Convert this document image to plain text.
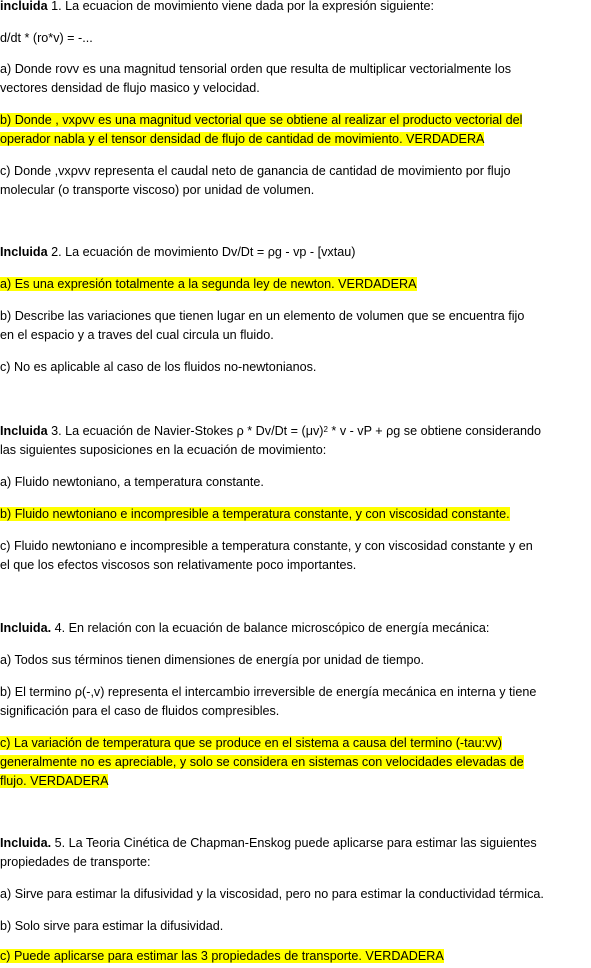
incluida 1. La ecuacion de movimiento viene dada por la expresión siguiente:
d/dt * (ro*v) = -...
a) Donde rovv es una magnitud tensorial orden que resulta de multiplicar vectorialmente los
vectores densidad de flujo masico y velocidad.
b) Donde , vxρvv es una magnitud vectorial que se obtiene al realizar el producto vectorial del
operador nabla y el tensor densidad de flujo de cantidad de movimiento. VERDADERA
c) Donde ,vxρvv representa el caudal neto de ganancia de cantidad de movimiento por flujo
molecular (o transporte viscoso) por unidad de volumen.
Incluida 2. La ecuación de movimiento Dv/Dt = ρg - vp - [vxtau)
a) Es una expresión totalmente a la segunda ley de newton. VERDADERA
b) Describe las variaciones que tienen lugar en un elemento de volumen que se encuentra fijo
en el espacio y a traves del cual circula un fluido.
c) No es aplicable al caso de los fluidos no-newtonianos.
Incluida 3. La ecuación de Navier-Stokes $\rho * Dv/Dt = (\mu v)^2 * v$ - vP + ρg se obtiene considerando
las siguientes suposiciones en la ecuación de movimiento:
a) Fluido newtoniano, a temperatura constante.
b) Fluido newtoniano e incompresible a temperatura constante, y con viscosidad constante.
c) Fluido newtoniano e incompresible a temperatura constante, y con viscosidad constante y en
el que los efectos viscosos son relativamente poco importantes.
Incluida. 4. En relación con la ecuación de balance microscópico de energía mecánica:
a) Todos sus términos tienen dimensiones de energía por unidad de tiempo.
b) El termino ρ(-,v) representa el intercambio irreversible de energía mecánica en interna y tiene
significación para el caso de fluidos compresibles.
c) La variación de temperatura que se produce en el sistema a causa del termino (-tau:vv)
generalmente no es apreciable, y solo se considera en sistemas con velocidades elevadas de
flujo. VERDADERA
Incluida. 5. La Teoria Cinética de Chapman-Enskog puede aplicarse para estimar las siguientes
propiedades de transporte:
a) Sirve para estimar la difusividad y la viscosidad, pero no para estimar la conductividad térmica.
b) Solo sirve para estimar la difusividad.
c) Puede aplicarse para estimar las 3 propiedades de transporte. VERDADERA
